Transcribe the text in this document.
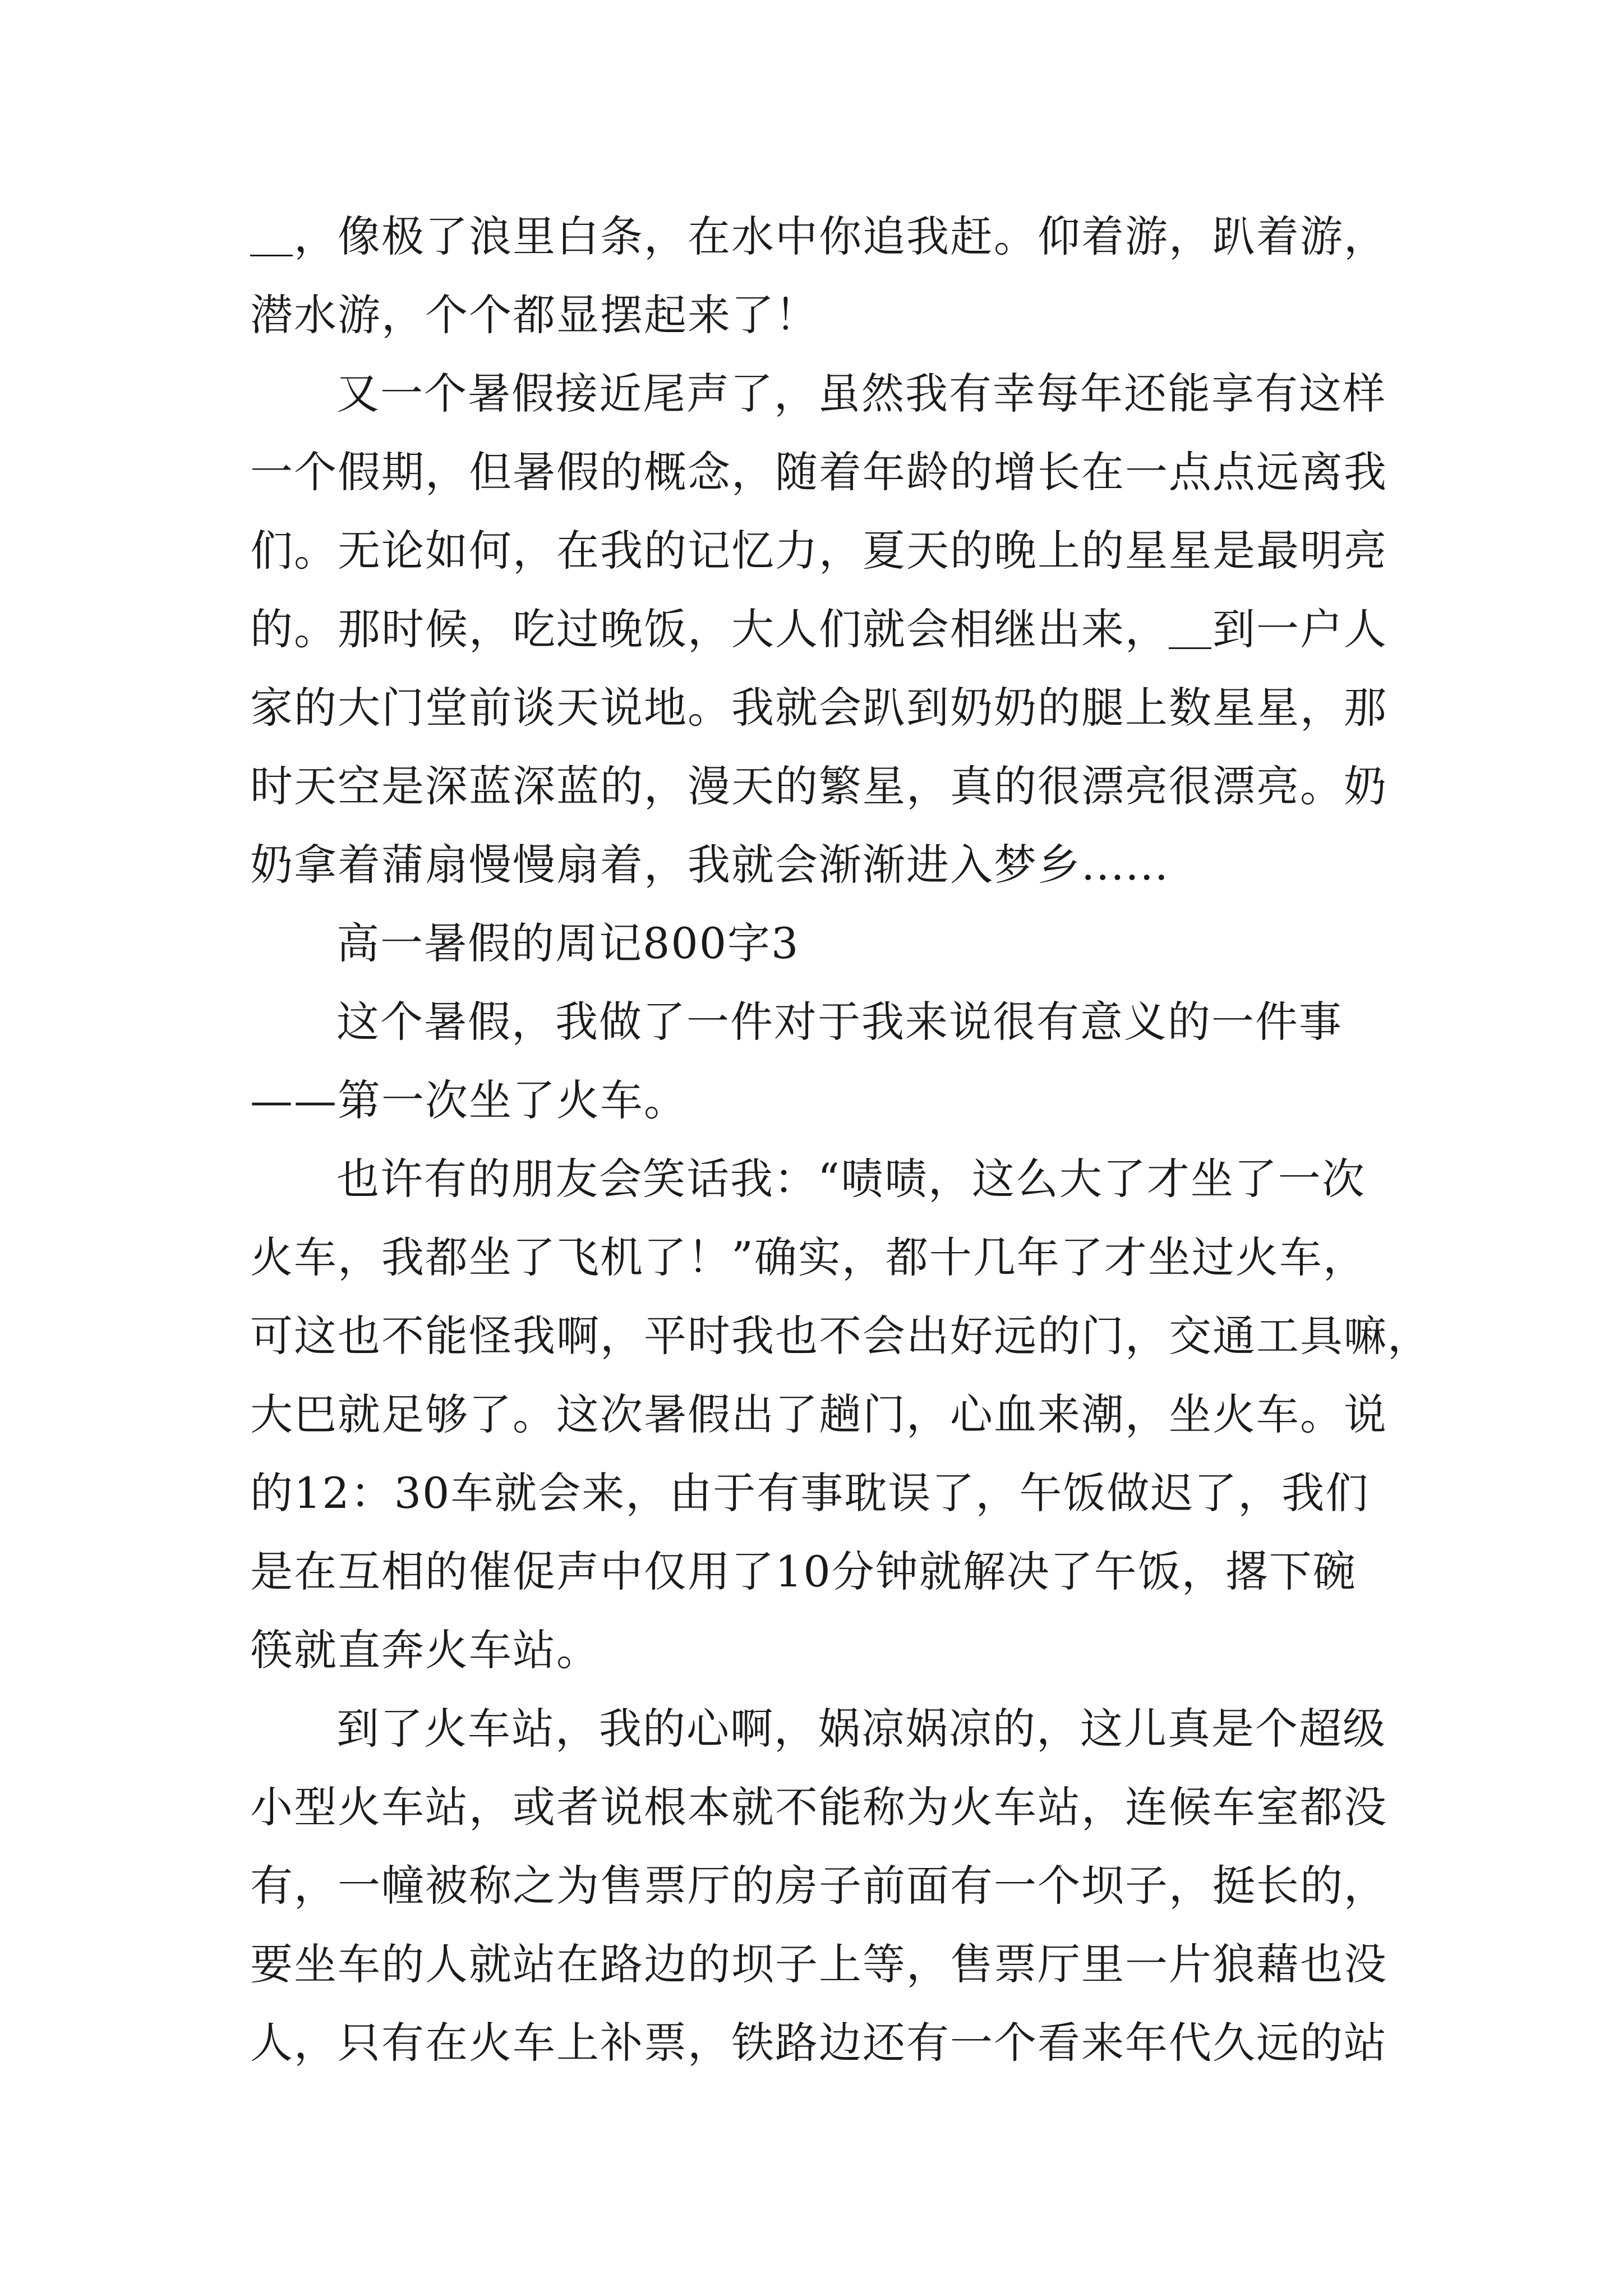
＿，像极了浪里白条，在水中你追我赶。仰着游，趴着游，
潜水游，个个都显摆起来了！
又一个暑假接近尾声了，虽然我有幸每年还能享有这样
一个假期，但暑假的概念，随着年龄的增长在一点点远离我
们。无论如何，在我的记忆力，夏天的晚上的星星是最明亮
的。那时候，吃过晚饭，大人们就会相继出来，＿到一户人
家的大门堂前谈天说地。我就会趴到奶奶的腿上数星星，那
时天空是深蓝深蓝的，漫天的繁星，真的很漂亮很漂亮。奶
奶拿着蒲扇慢慢扇着，我就会渐渐进入梦乡......
高一暑假的周记800字3
这个暑假，我做了一件对于我来说很有意义的一件事
——第一次坐了火车。
也许有的朋友会笑话我：“啧啧，这么大了才坐了一次
火车，我都坐了飞机了！”确实，都十几年了才坐过火车，
可这也不能怪我啊，平时我也不会出好远的门，交通工具嘛，
大巴就足够了。这次暑假出了趟门，心血来潮，坐火车。说
的12：30车就会来，由于有事耽误了，午饭做迟了，我们
是在互相的催促声中仅用了10分钟就解决了午饭，撂下碗
筷就直奔火车站。
到了火车站，我的心啊，娲凉娲凉的，这儿真是个超级
小型火车站，或者说根本就不能称为火车站，连候车室都没
有，一幢被称之为售票厅的房子前面有一个坝子，挺长的，
要坐车的人就站在路边的坝子上等，售票厅里一片狼藉也没
人，只有在火车上补票，铁路边还有一个看来年代久远的站
